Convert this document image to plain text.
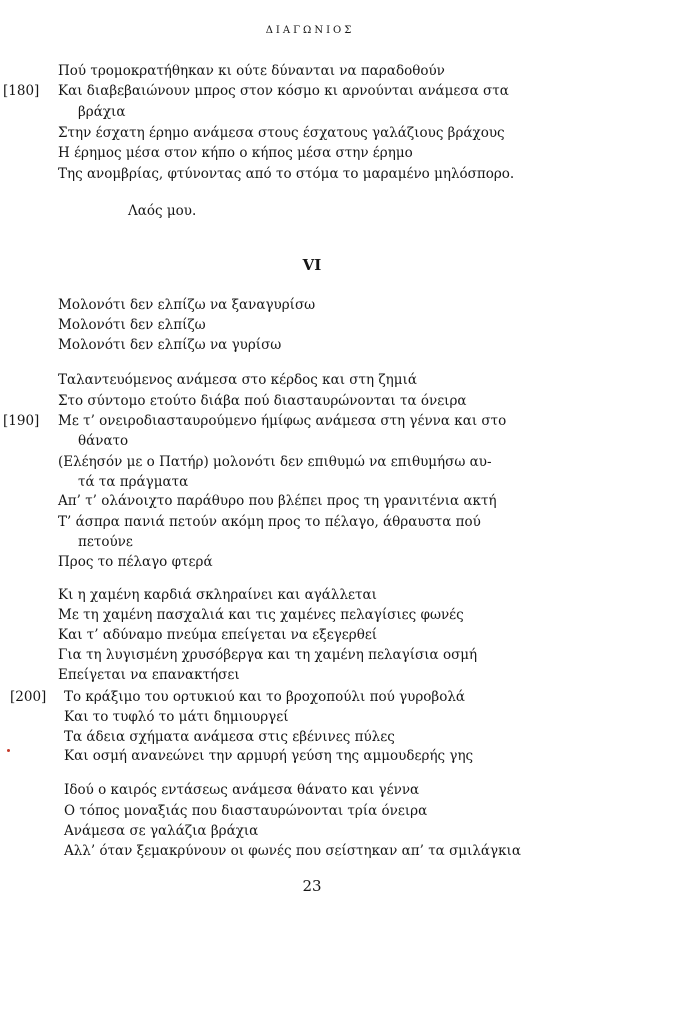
ΔΙΑΓΩΝΙΟΣ
Πού τρομοκρατήθηκαν κι ούτε δύνανται να παραδοθούν
[180] Και διαβεβαιώνουν μπρος στον κόσμο κι αρνούνται ανάμεσα στα
βράχια
Στην έσχατη έρημο ανάμεσα στους έσχατους γαλάζιους βράχους
Η έρημος μέσα στον κήπο ο κήπος μέσα στην έρημο
Της ανομβρίας, φτύνοντας από το στόμα το μαραμένο μηλόσπορο.
Λαός μου.
VI
Μολονότι δεν ελπίζω να ξαναγυρίσω
Μολονότι δεν ελπίζω
Μολονότι δεν ελπίζω να γυρίσω
Ταλαντευόμενος ανάμεσα στο κέρδος και στη ζημιά
Στο σύντομο ετούτο διάβα πού διασταυρώνονται τα όνειρα
[190] Με τ’ ονειροδιασταυρούμενο ήμίφως ανάμεσα στη γέννα και στο
θάνατο
(Ελέησόν με ο Πατήρ) μολονότι δεν επιθυμώ να επιθυμήσω αυ-
τά τα πράγματα
Απ’ τ’ ολάνοιχτο παράθυρο που βλέπει προς τη γρανιτένια ακτή
Τ’ άσπρα πανιά πετούν ακόμη προς το πέλαγο, άθραυστα πού
πετούνε
Προς το πέλαγο φτερά
Κι η χαμένη καρδιά σκληραίνει και αγάλλεται
Με τη χαμένη πασχαλιά και τις χαμένες πελαγίσιες φωνές
Και τ’ αδύναμο πνεύμα επείγεται να εξεγερθεί
Για τη λυγισμένη χρυσόβεργα και τη χαμένη πελαγίσια οσμή
Επείγεται να επανακτήσει
[200] Το κράξιμο του ορτυκιού και το βροχοπούλι πού γυροβολά
Και το τυφλό το μάτι δημιουργεί
Τα άδεια σχήματα ανάμεσα στις εβένινες πύλες
Και οσμή ανανεώνει την αρμυρή γεύση της αμμουδερής γης
Ιδού ο καιρός εντάσεως ανάμεσα θάνατο και γέννα
Ο τόπος μοναξιάς που διασταυρώνονται τρία όνειρα
Ανάμεσα σε γαλάζια βράχια
Αλλ’ όταν ξεμακρύνουν οι φωνές που σείστηκαν απ’ τα σμιλάγκια
23
